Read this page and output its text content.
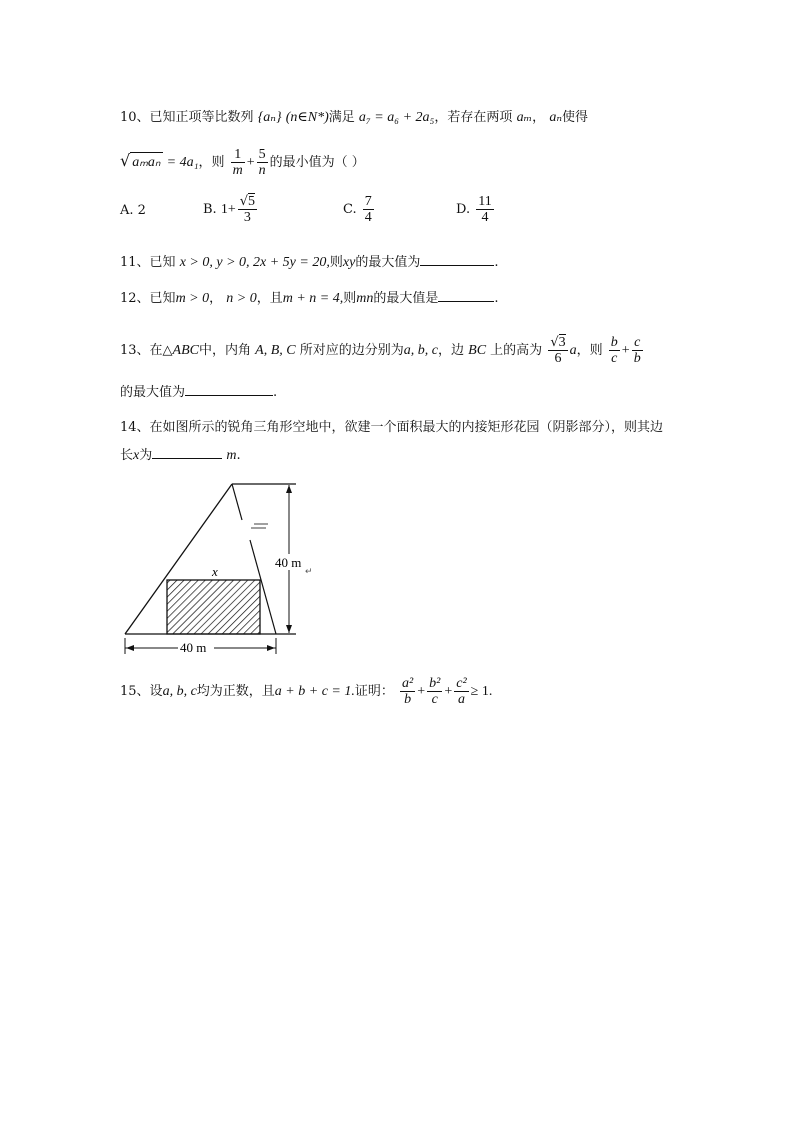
10、已知正项等比数列 {aₙ} (n∈N*)满足 a₇ = a₆ + 2a₅，若存在两项 aₘ， aₙ使得
√ aₘaₙ = 4a₁，则 $\frac{1}{m} + \frac{5}{n}$ 的最小值为（ ）
A. 2	B. $1+ \frac{√5}{3}$	C. $\frac{7}{4}$	D. $\frac{11}{4}$
11、已知 x > 0, y > 0, 2x + 5y = 20,则xy的最大值为	.
12、已知m > 0， n > 0，且m + n = 4,则mn的最大值是	.
13、在△ABC中，内角 A, B, C 所对应的边分别为a, b, c，边 BC 上的高为 $\frac{√3}{6}$ a，则 $\frac{b}{c} + \frac{c}{b}$
的最大值为	.
14、在如图所示的锐角三角形空地中，欲建一个面积最大的内接矩形花园（阴影部分），则其边
长x为	m.
40 m
↵
40 m
x
15、设a, b, c均为正数，且a + b + c = 1.证明： $\frac{\text{a²}}{b} + \frac{\text{b²}}{c} + \frac{\text{c²}}{a} \ge 1$.
